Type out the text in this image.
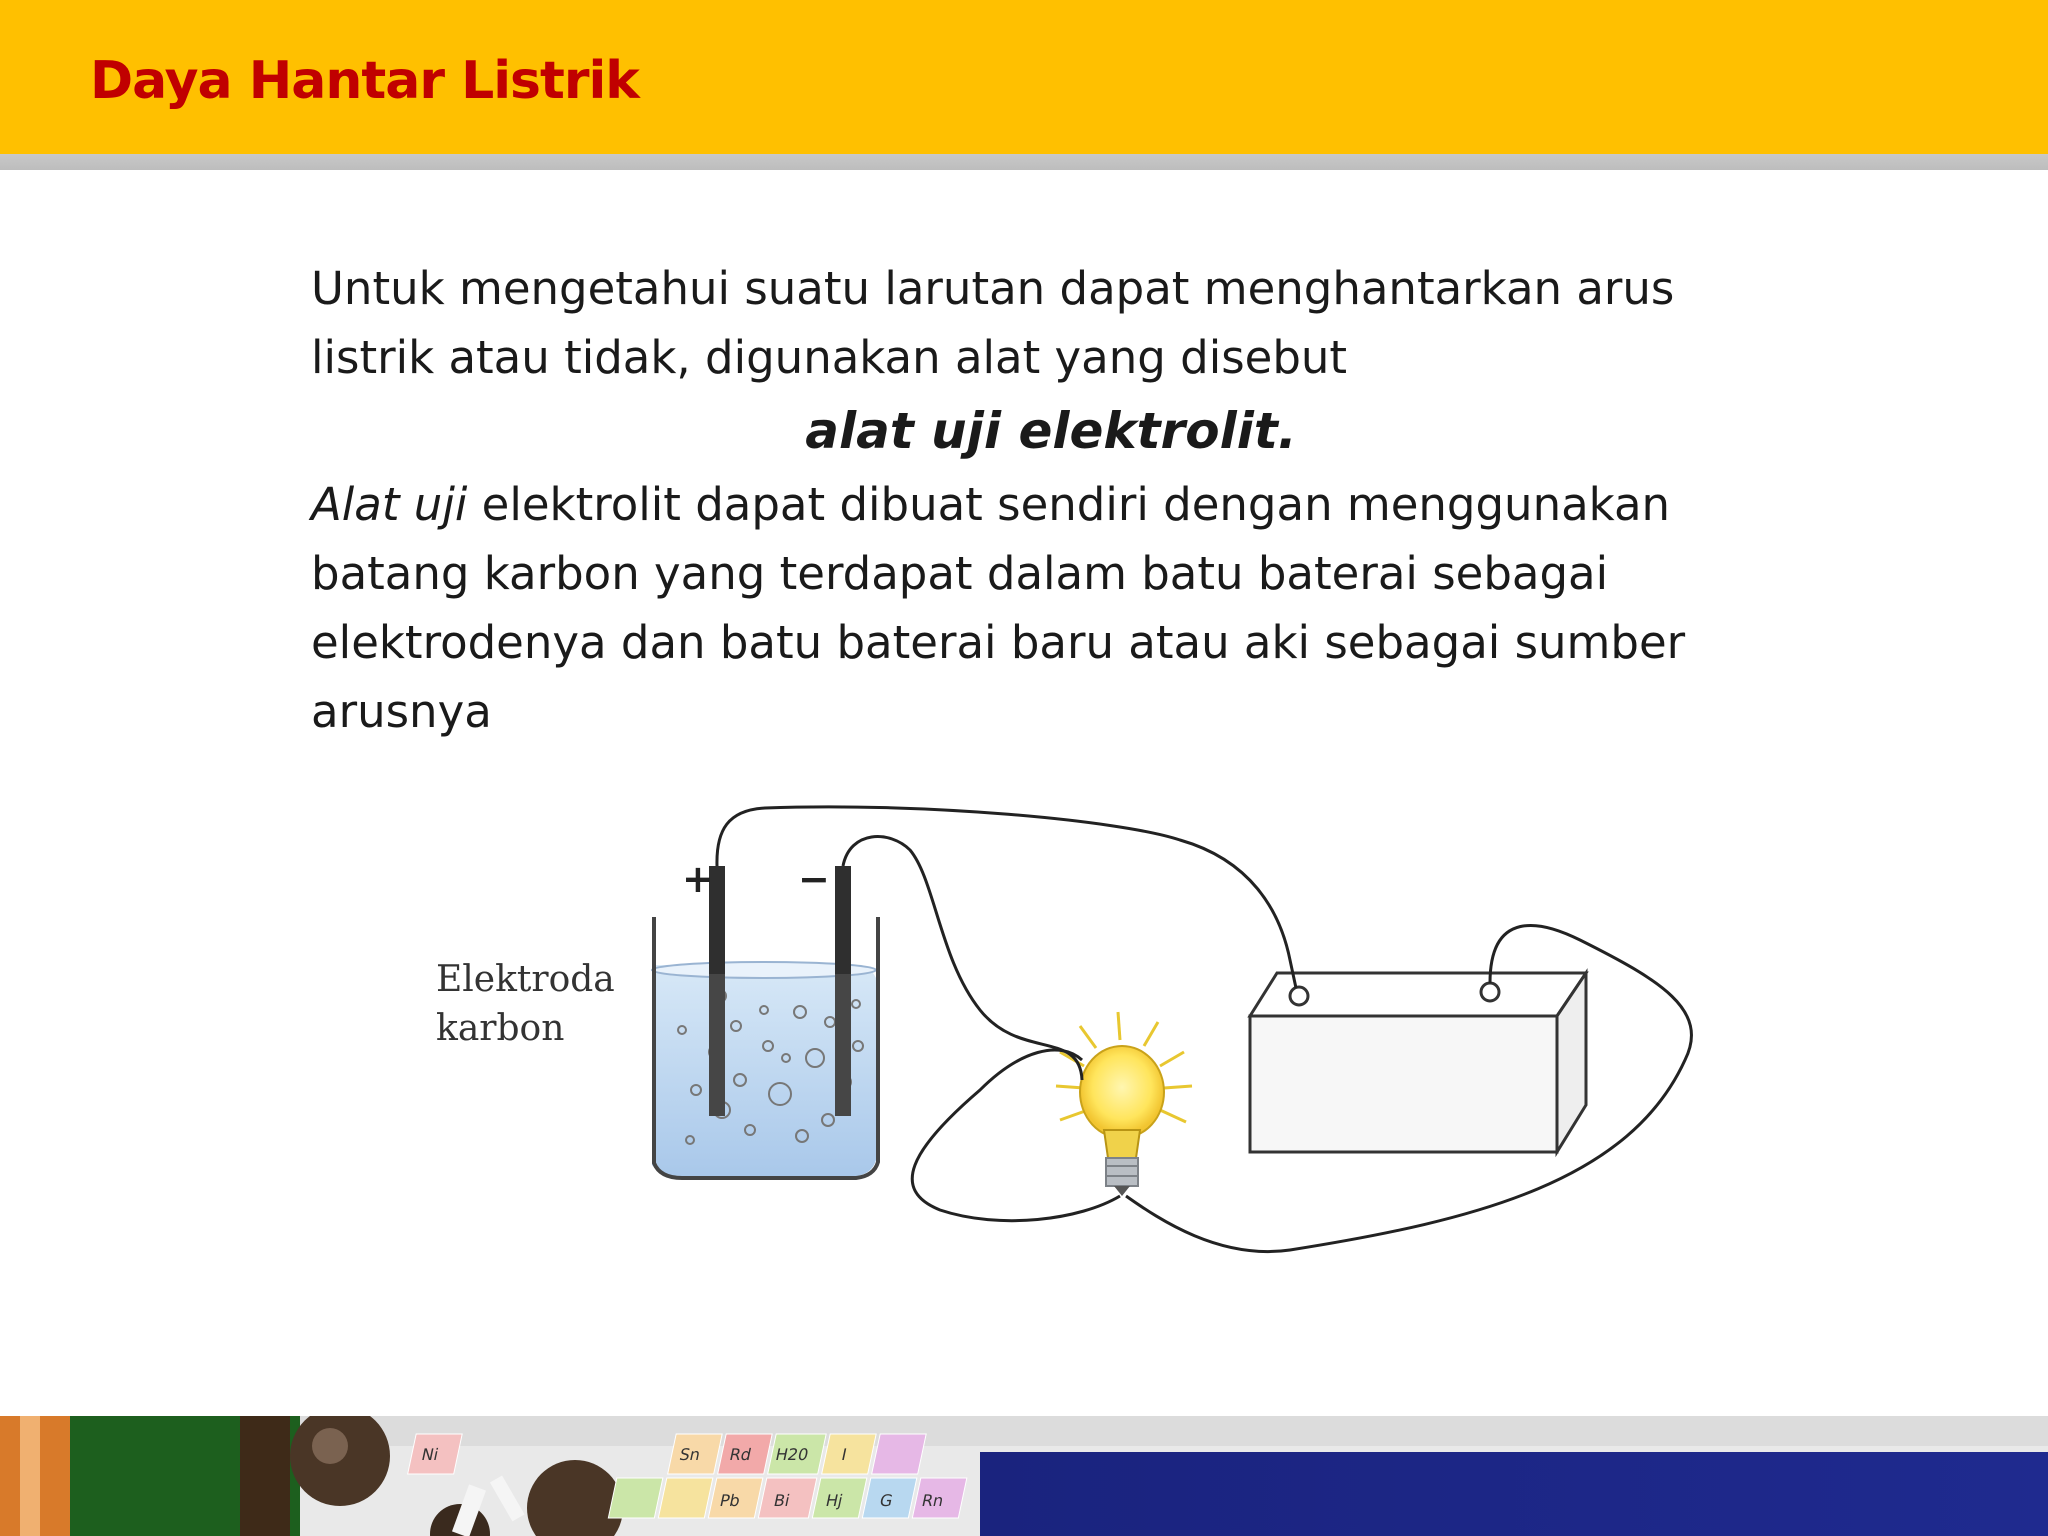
Daya Hantar Listrik

Untuk mengetahui suatu larutan dapat menghantarkan arus listrik atau tidak, digunakan alat yang disebut

alat uji elektrolit.

Alat uji elektrolit dapat dibuat sendiri dengan menggunakan batang karbon yang terdapat dalam batu baterai sebagai elektrodenya dan batu baterai baru atau aki sebagai sumber arusnya

Elektroda
karbon
+ −
Ni	Sn Rd H20 I
Pb Bi Hj G Rn
